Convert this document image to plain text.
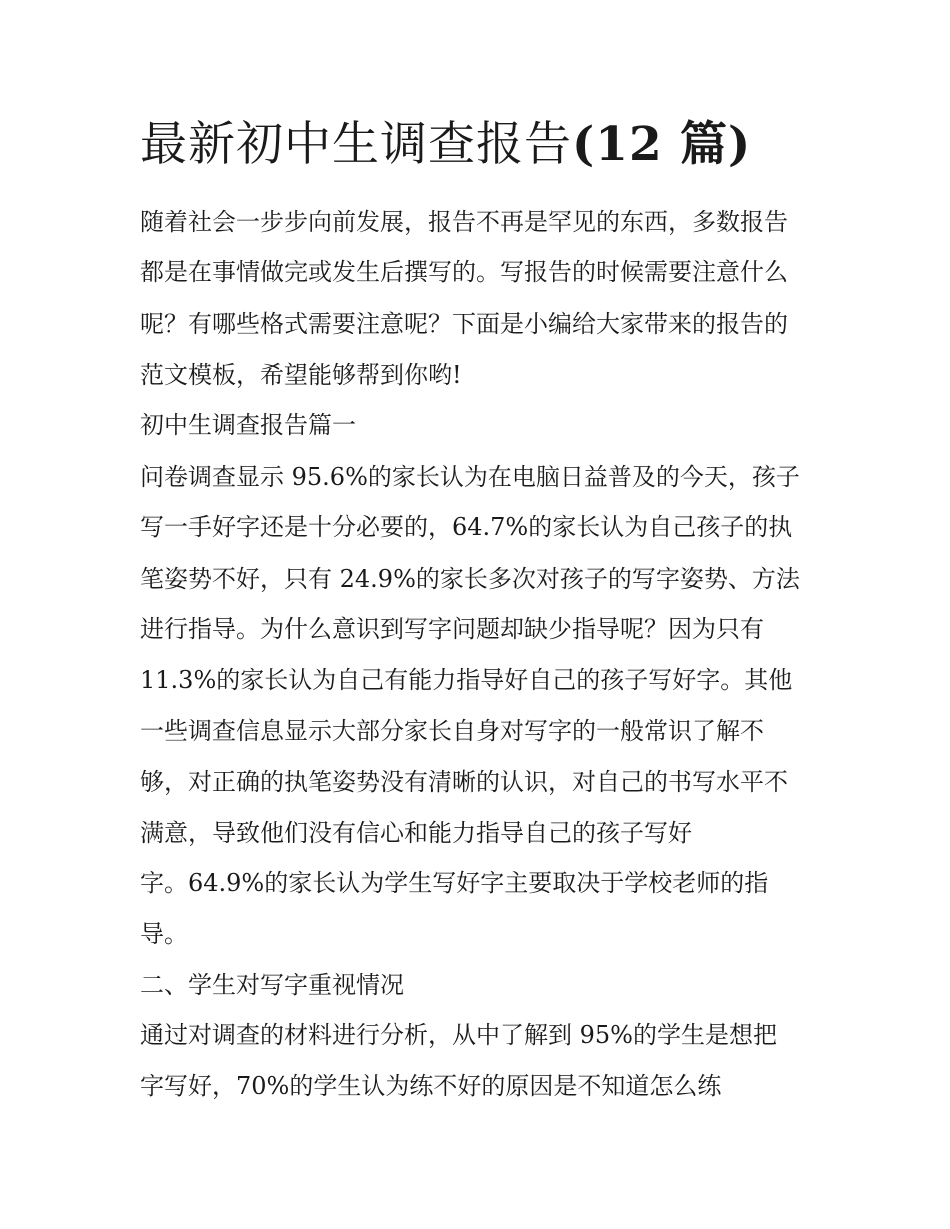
最新初中生调查报告(12 篇)

随着社会一步步向前发展，报告不再是罕见的东西，多数报告

都是在事情做完或发生后撰写的。写报告的时候需要注意什么

呢？有哪些格式需要注意呢？下面是小编给大家带来的报告的

范文模板，希望能够帮到你哟!

初中生调查报告篇一

问卷调查显示 95.6%的家长认为在电脑日益普及的今天，孩子

写一手好字还是十分必要的，64.7%的家长认为自己孩子的执

笔姿势不好，只有 24.9%的家长多次对孩子的写字姿势、方法

进行指导。为什么意识到写字问题却缺少指导呢？因为只有

11.3%的家长认为自己有能力指导好自己的孩子写好字。其他

一些调查信息显示大部分家长自身对写字的一般常识了解不

够，对正确的执笔姿势没有清晰的认识，对自己的书写水平不

满意，导致他们没有信心和能力指导自己的孩子写好

字。64.9%的家长认为学生写好字主要取决于学校老师的指

导。

二、学生对写字重视情况

通过对调查的材料进行分析，从中了解到 95%的学生是想把

字写好，70%的学生认为练不好的原因是不知道怎么练
